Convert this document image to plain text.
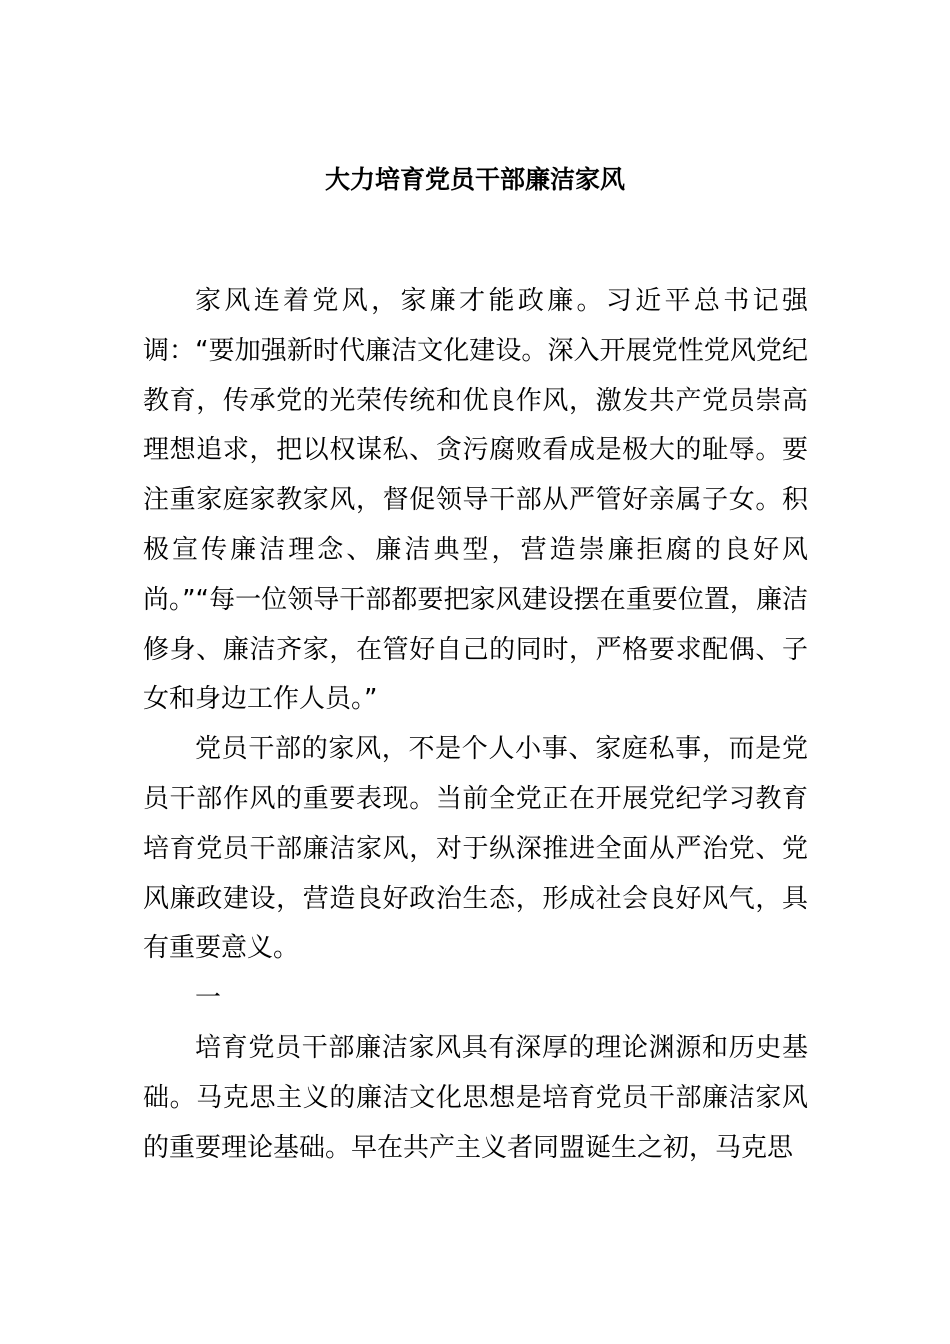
大力培育党员干部廉洁家风

家风连着党风，家廉才能政廉。习近平总书记强调：“要加强新时代廉洁文化建设。深入开展党性党风党纪教育，传承党的光荣传统和优良作风，激发共产党员崇高理想追求，把以权谋私、贪污腐败看成是极大的耻辱。要注重家庭家教家风，督促领导干部从严管好亲属子女。积极宣传廉洁理念、廉洁典型，营造崇廉拒腐的良好风尚。”“每一位领导干部都要把家风建设摆在重要位置，廉洁修身、廉洁齐家，在管好自己的同时，严格要求配偶、子女和身边工作人员。”

党员干部的家风，不是个人小事、家庭私事，而是党员干部作风的重要表现。当前全党正在开展党纪学习教育培育党员干部廉洁家风，对于纵深推进全面从严治党、党风廉政建设，营造良好政治生态，形成社会良好风气，具有重要意义。

一

培育党员干部廉洁家风具有深厚的理论渊源和历史基础。马克思主义的廉洁文化思想是培育党员干部廉洁家风的重要理论基础。早在共产主义者同盟诞生之初，马克思
